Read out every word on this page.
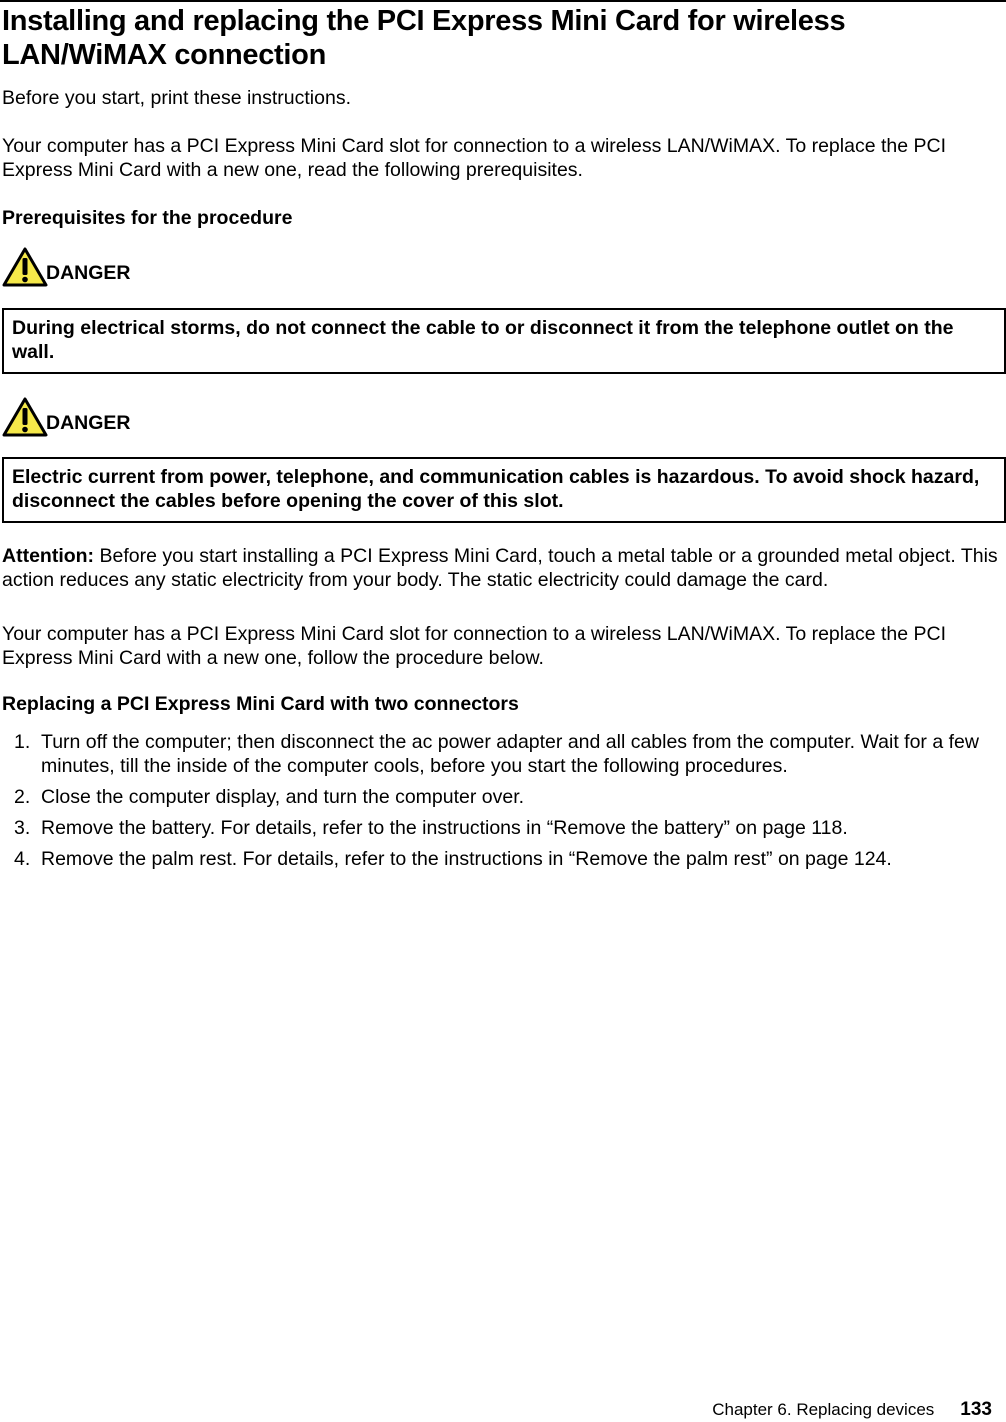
Installing and replacing the PCI Express Mini Card for wireless LAN/WiMAX connection

Before you start, print these instructions.

Your computer has a PCI Express Mini Card slot for connection to a wireless LAN/WiMAX. To replace the PCI Express Mini Card with a new one, read the following prerequisites.

Prerequisites for the procedure

DANGER
During electrical storms, do not connect the cable to or disconnect it from the telephone outlet on the wall.
DANGER
Electric current from power, telephone, and communication cables is hazardous. To avoid shock hazard, disconnect the cables before opening the cover of this slot.

Attention: Before you start installing a PCI Express Mini Card, touch a metal table or a grounded metal object. This action reduces any static electricity from your body. The static electricity could damage the card.

Your computer has a PCI Express Mini Card slot for connection to a wireless LAN/WiMAX. To replace the PCI Express Mini Card with a new one, follow the procedure below.

Replacing a PCI Express Mini Card with two connectors

1. Turn off the computer; then disconnect the ac power adapter and all cables from the computer. Wait for a few minutes, till the inside of the computer cools, before you start the following procedures.
2. Close the computer display, and turn the computer over.
3. Remove the battery. For details, refer to the instructions in “Remove the battery” on page 118.
4. Remove the palm rest. For details, refer to the instructions in “Remove the palm rest” on page 124.
Chapter 6. Replacing devices 133
